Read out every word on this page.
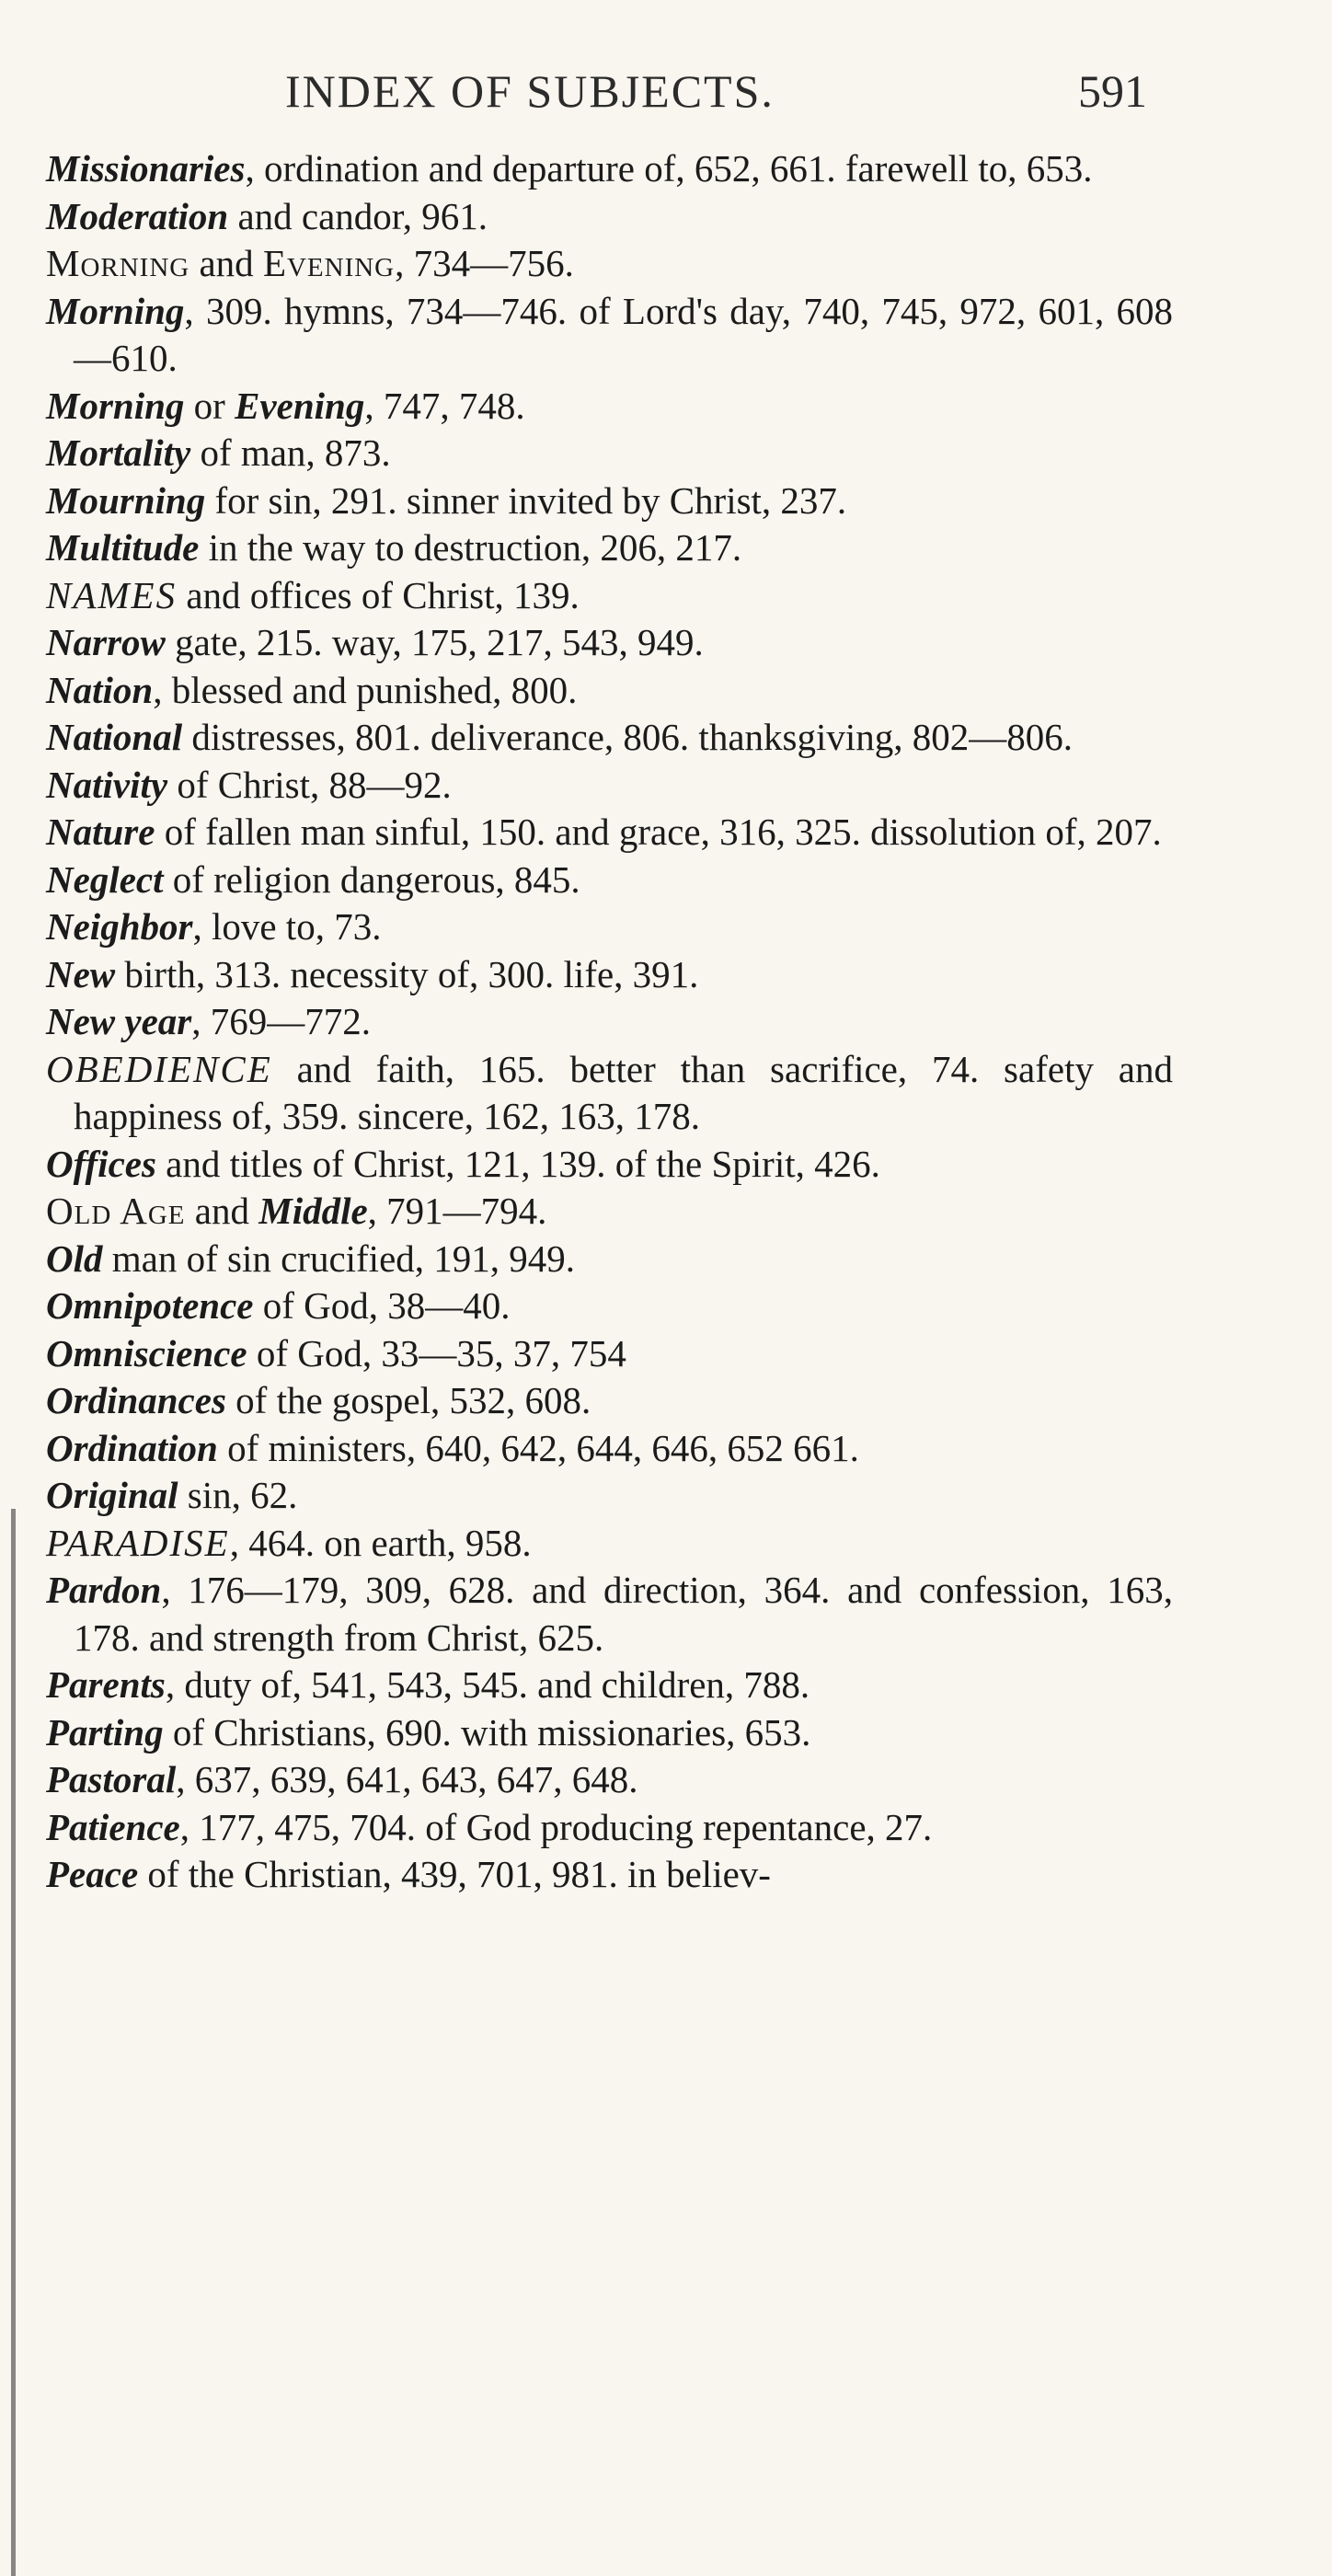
INDEX OF SUBJECTS.	591

Missionaries, ordination and departure of, 652, 661. farewell to, 653.

Moderation and candor, 961.

Morning and Evening, 734—756.

Morning, 309. hymns, 734—746. of Lord's day, 740, 745, 972, 601, 608—610.

Morning or Evening, 747, 748.

Mortality of man, 873.

Mourning for sin, 291. sinner invited by Christ, 237.

Multitude in the way to destruction, 206, 217.

NAMES and offices of Christ, 139.

Narrow gate, 215. way, 175, 217, 543, 949.

Nation, blessed and punished, 800.

National distresses, 801. deliverance, 806. thanksgiving, 802—806.

Nativity of Christ, 88—92.

Nature of fallen man sinful, 150. and grace, 316, 325. dissolution of, 207.

Neglect of religion dangerous, 845.

Neighbor, love to, 73.

New birth, 313. necessity of, 300. life, 391.

New year, 769—772.

OBEDIENCE and faith, 165. better than sacrifice, 74. safety and happiness of, 359. sincere, 162, 163, 178.

Offices and titles of Christ, 121, 139. of the Spirit, 426.

Old Age and Middle, 791—794.

Old man of sin crucified, 191, 949.

Omnipotence of God, 38—40.

Omniscience of God, 33—35, 37, 754

Ordinances of the gospel, 532, 608.

Ordination of ministers, 640, 642, 644, 646, 652 661.

Original sin, 62.

PARADISE, 464. on earth, 958.

Pardon, 176—179, 309, 628. and direction, 364. and confession, 163, 178. and strength from Christ, 625.

Parents, duty of, 541, 543, 545. and children, 788.

Parting of Christians, 690. with missionaries, 653.

Pastoral, 637, 639, 641, 643, 647, 648.

Patience, 177, 475, 704. of God producing repentance, 27.

Peace of the Christian, 439, 701, 981. in believ-
